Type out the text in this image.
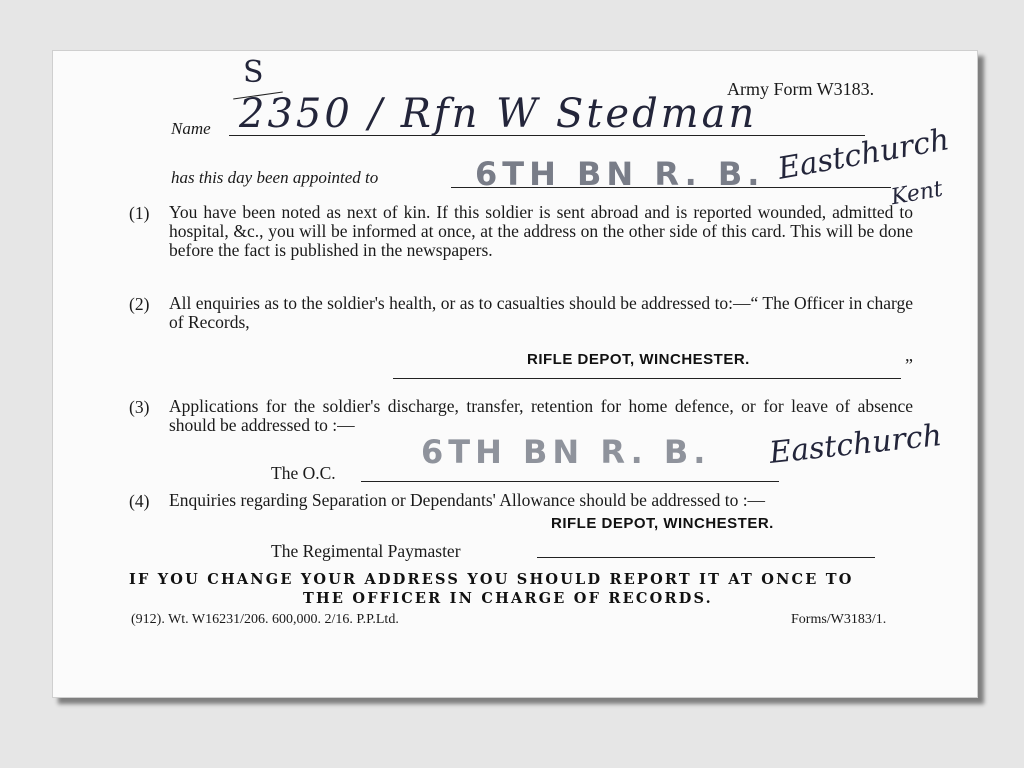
Army Form W3183.
S
Name 2350 / Rfn W Stedman
has this day been appointed to	6TH BN R. B. Eastchurch
Kent
(1) You have been noted as next of kin. If this soldier is sent abroad and is reported wounded, admitted to hospital, &c., you will be informed at once, at the address on the other side of this card. This will be done before the fact is published in the newspapers.
(2) All enquiries as to the soldier's health, or as to casualties should be addressed to:—“ The Officer in charge of Records,
RIFLE DEPOT, WINCHESTER.	”
(3) Applications for the soldier's discharge, transfer, retention for home defence, or for leave of absence should be addressed to :—
The O.C.
6TH BN R. B. Eastchurch
(4) Enquiries regarding Separation or Dependants' Allowance should be addressed to :—
RIFLE DEPOT, WINCHESTER.
The Regimental Paymaster
IF YOU CHANGE YOUR ADDRESS YOU SHOULD REPORT IT AT ONCE TO
THE OFFICER IN CHARGE OF RECORDS.
(912). Wt. W16231/206. 600,000. 2/16. P.P.Ltd.	Forms/W3183/1.
